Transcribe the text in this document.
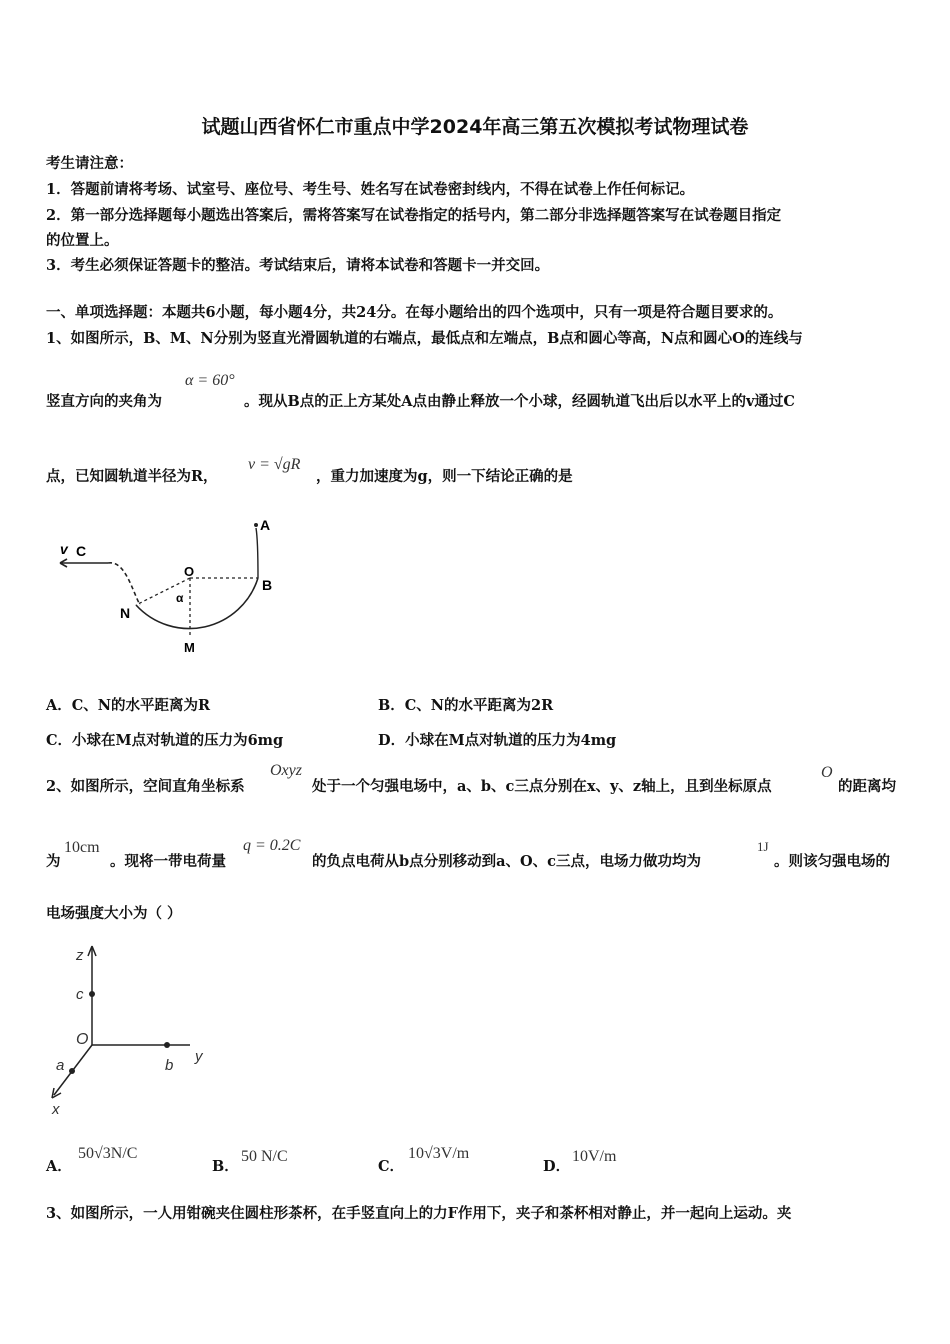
试题山西省怀仁市重点中学2024年高三第五次模拟考试物理试卷
考生请注意：
1．答题前请将考场、试室号、座位号、考生号、姓名写在试卷密封线内，不得在试卷上作任何标记。
2．第一部分选择题每小题选出答案后，需将答案写在试卷指定的括号内，第二部分非选择题答案写在试卷题目指定
的位置上。
3．考生必须保证答题卡的整洁。考试结束后，请将本试卷和答题卡一并交回。
一、单项选择题：本题共6小题，每小题4分，共24分。在每小题给出的四个选项中，只有一项是符合题目要求的。
1、如图所示，B、M、N分别为竖直光滑圆轨道的右端点，最低点和左端点，B点和圆心等高，N点和圆心O的连线与
竖直方向的夹角为
α = 60°
。现从B点的正上方某处A点由静止释放一个小球，经圆轨道飞出后以水平上的v通过C
点，已知圆轨道半径为R，
v = √gR
，重力加速度为g，则一下结论正确的是
A
B
v C
O
α
N
M
A．C、N的水平距离为R	B．C、N的水平距离为2R
C．小球在M点对轨道的压力为6mg	D．小球在M点对轨道的压力为4mg
2、如图所示，空间直角坐标系
Oxyz
处于一个匀强电场中，a、b、c三点分别在x、y、z轴上，且到坐标原点
O
的距离均
为
10cm
。现将一带电荷量
q = 0.2C
的负点电荷从b点分别移动到a、O、c三点，电场力做功均为
1J
。则该匀强电场的
电场强度大小为（ ）
z
c
O
a	b
y
x
A．
50√3N/C
B．
50 N/C
C．
10√3V/m
D．
10V/m
3、如图所示，一人用钳碗夹住圆柱形茶杯，在手竖直向上的力F作用下，夹子和茶杯相对静止，并一起向上运动。夹
